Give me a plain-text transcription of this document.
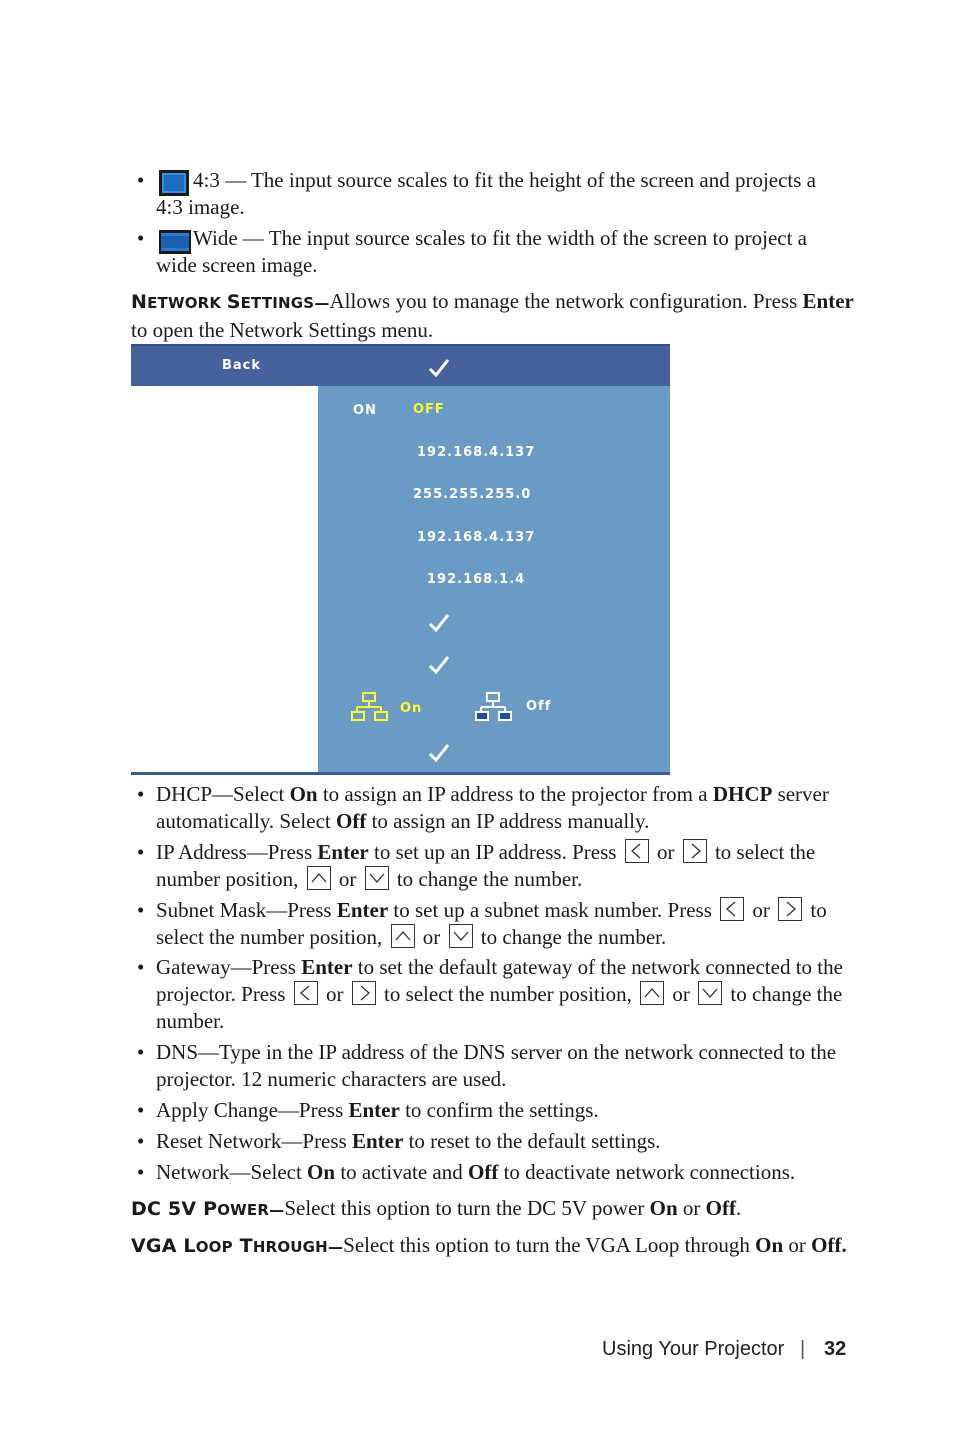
• 4:3 — The input source scales to fit the height of the screen and projects a
4:3 image.
• Wide — The input source scales to fit the width of the screen to project a
wide screen image.
NETWORK SETTINGS—Allows you to manage the network configuration. Press Enter
to open the Network Settings menu.
Back
ON	OFF
192.168.4.137
255.255.255.0
192.168.4.137
192.168.1.4
On	Off
• DHCP—Select On to assign an IP address to the projector from a DHCP server
automatically. Select Off to assign an IP address manually.
• IP Address—Press Enter to set up an IP address. Press
or
to select the
number position,
or
to change the number.
• Subnet Mask—Press Enter to set up a subnet mask number. Press
or
to
select the number position,
or
to change the number.
• Gateway—Press Enter to set the default gateway of the network connected to the
projector. Press
or
to select the number position,
or
to change the
number.
• DNS—Type in the IP address of the DNS server on the network connected to the
projector. 12 numeric characters are used.
• Apply Change—Press Enter to confirm the settings.
• Reset Network—Press Enter to reset to the default settings.
• Network—Select On to activate and Off to deactivate network connections.
DC 5V POWER—Select this option to turn the DC 5V power On or Off.
VGA LOOP THROUGH—Select this option to turn the VGA Loop through On or Off.
Using Your Projector | 32
